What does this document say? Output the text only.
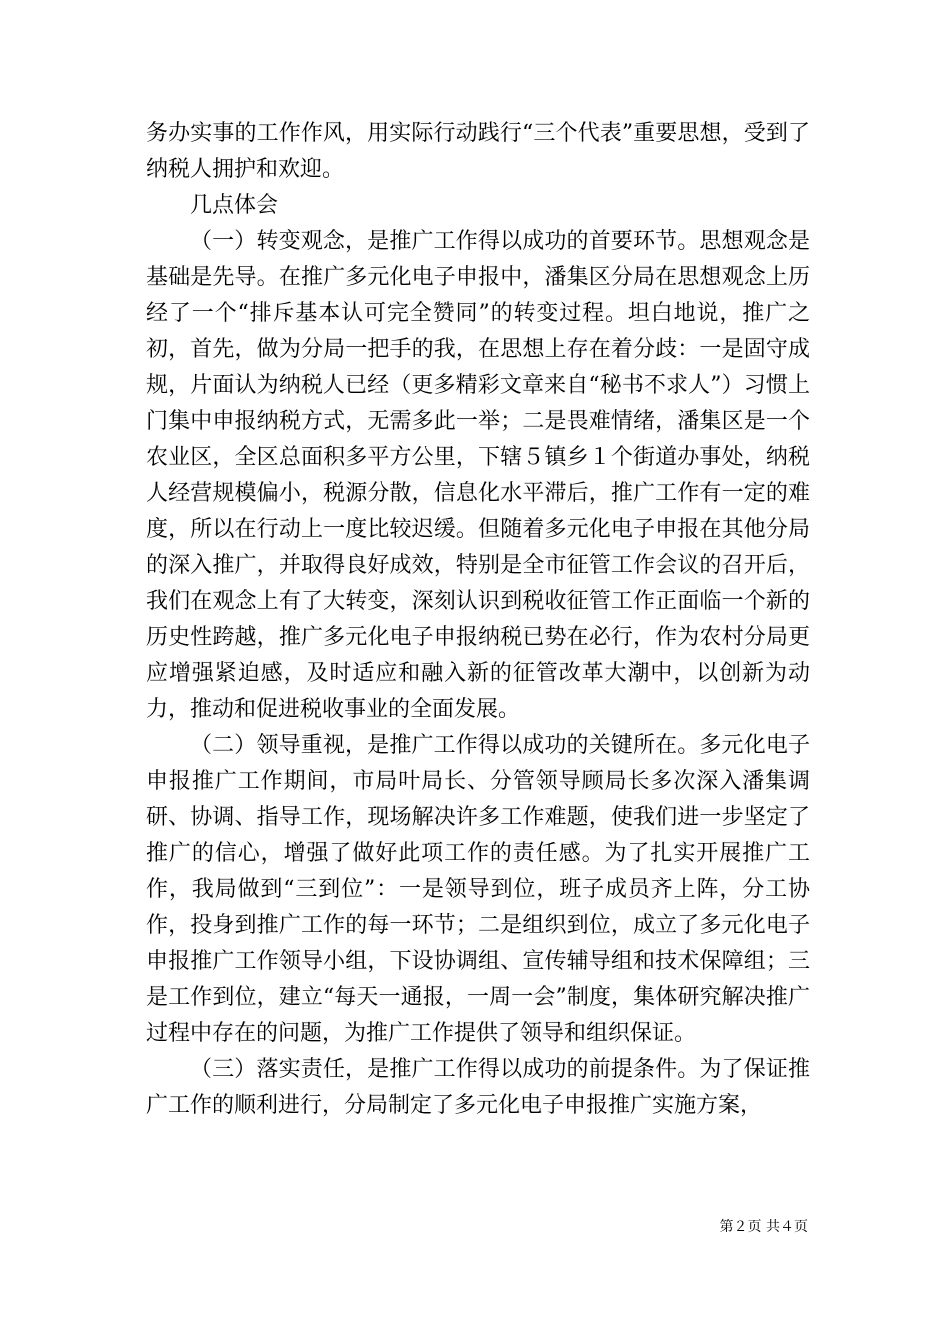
务办实事的工作作风，用实际行动践行“三个代表”重要思想，受到了纳税人拥护和欢迎。

几点体会

（一）转变观念，是推广工作得以成功的首要环节。思想观念是基础是先导。在推广多元化电子申报中，潘集区分局在思想观念上历经了一个“排斥基本认可完全赞同”的转变过程。坦白地说，推广之初，首先，做为分局一把手的我，在思想上存在着分歧：一是固守成规，片面认为纳税人已经（更多精彩文章来自“秘书不求人”）习惯上门集中申报纳税方式，无需多此一举；二是畏难情绪，潘集区是一个农业区，全区总面积多平方公里，下辖５镇乡１个街道办事处，纳税人经营规模偏小，税源分散，信息化水平滞后，推广工作有一定的难度，所以在行动上一度比较迟缓。但随着多元化电子申报在其他分局的深入推广，并取得良好成效，特别是全市征管工作会议的召开后，我们在观念上有了大转变，深刻认识到税收征管工作正面临一个新的历史性跨越，推广多元化电子申报纳税已势在必行，作为农村分局更应增强紧迫感，及时适应和融入新的征管改革大潮中，以创新为动力，推动和促进税收事业的全面发展。

（二）领导重视，是推广工作得以成功的关键所在。多元化电子申报推广工作期间，市局叶局长、分管领导顾局长多次深入潘集调研、协调、指导工作，现场解决许多工作难题，使我们进一步坚定了推广的信心，增强了做好此项工作的责任感。为了扎实开展推广工作，我局做到“三到位”：一是领导到位，班子成员齐上阵，分工协作，投身到推广工作的每一环节；二是组织到位，成立了多元化电子申报推广工作领导小组，下设协调组、宣传辅导组和技术保障组；三是工作到位，建立“每天一通报，一周一会”制度，集体研究解决推广过程中存在的问题，为推广工作提供了领导和组织保证。

（三）落实责任，是推广工作得以成功的前提条件。为了保证推广工作的顺利进行，分局制定了多元化电子申报推广实施方案，

第２页 共４页
